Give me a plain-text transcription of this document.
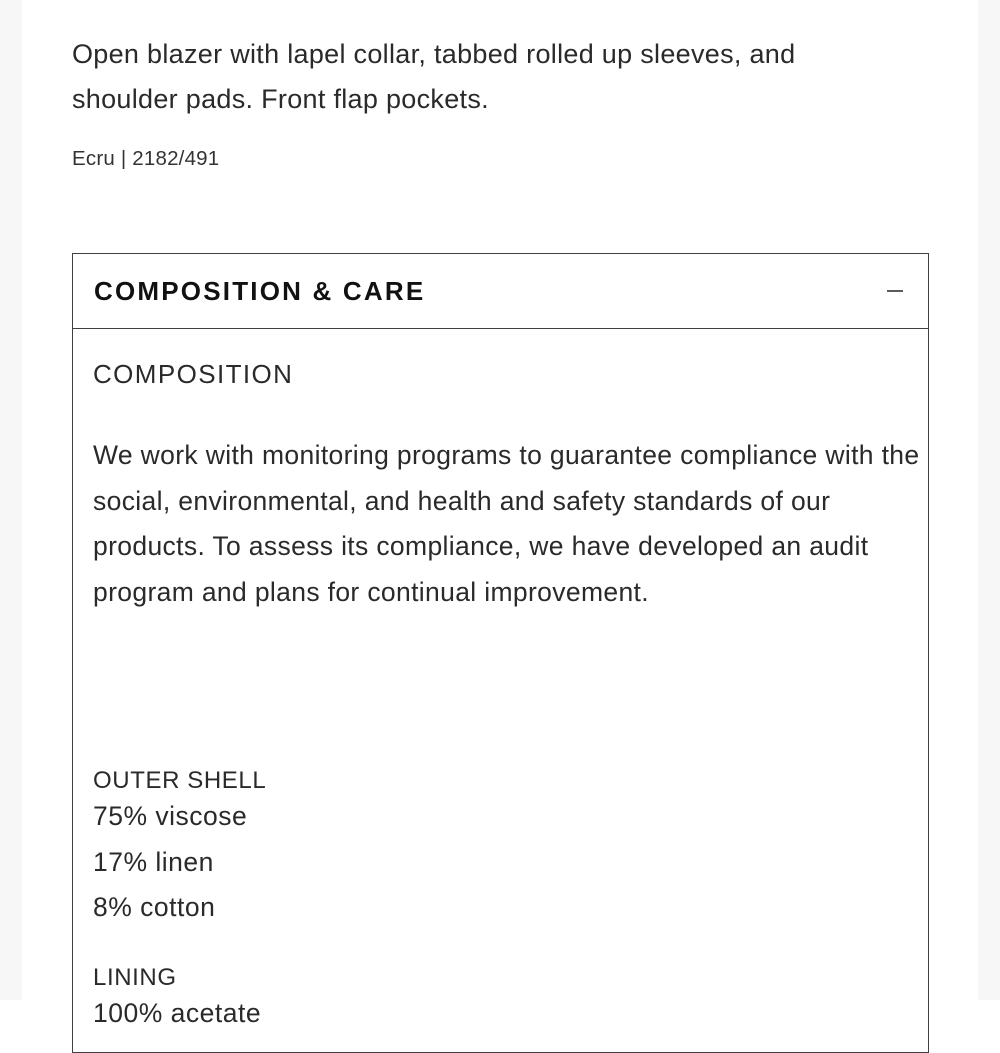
Open blazer with lapel collar, tabbed rolled up sleeves, and shoulder pads. Front flap pockets.

Ecru | 2182/491

COMPOSITION & CARE
COMPOSITION

We work with monitoring programs to guarantee compliance with the social, environmental, and health and safety standards of our products. To assess its compliance, we have developed an audit program and plans for continual improvement.

OUTER SHELL
75% viscose
17% linen
8% cotton
LINING
100% acetate
